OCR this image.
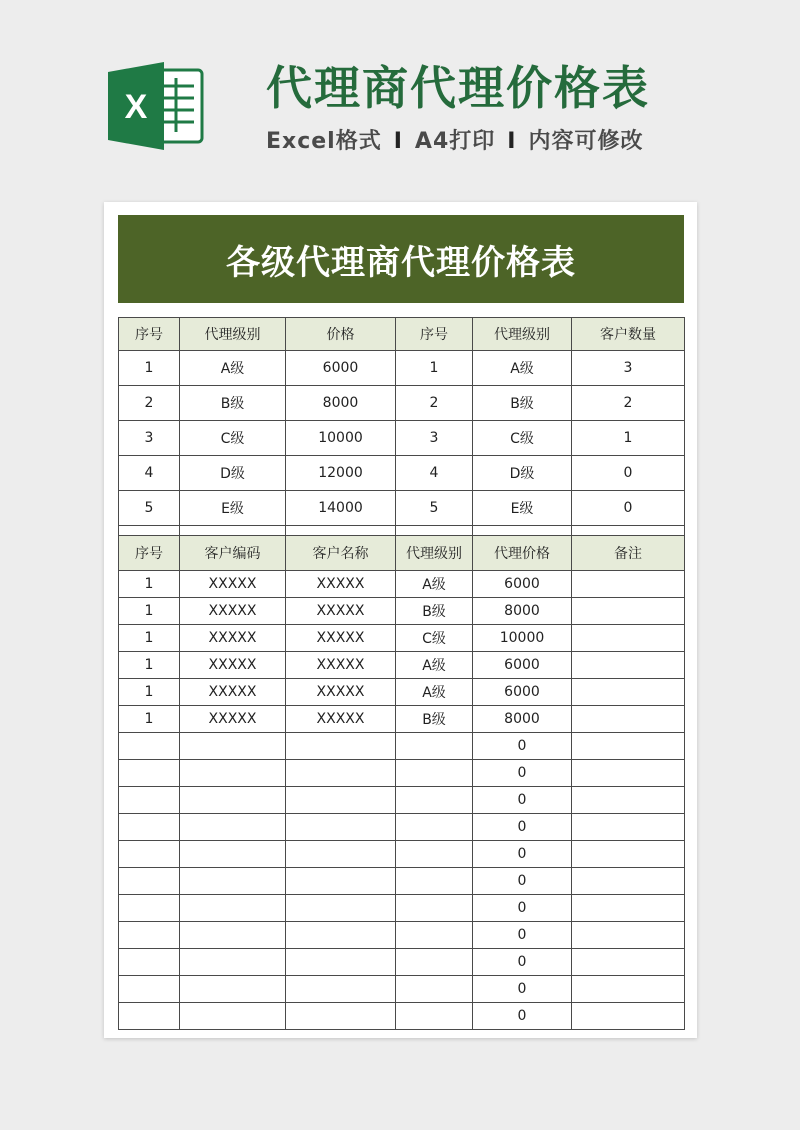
X	代理商代理价格表
Excel格式 I A4打印 I 内容可修改
各级代理商代理价格表
序号	代理级别	价格	序号	代理级别	客户数量
1	A级	6000	1	A级	3
2	B级	8000	2	B级	2
3	C级	10000	3	C级	1
4	D级	12000	4	D级	0
5	E级	14000	5	E级	0

序号	客户编码	客户名称	代理级别	代理价格	备注
1	XXXXX	XXXXX	A级	6000	
1	XXXXX	XXXXX	B级	8000	
1	XXXXX	XXXXX	C级	10000	
1	XXXXX	XXXXX	A级	6000	
1	XXXXX	XXXXX	A级	6000	
1	XXXXX	XXXXX	B级	8000	
				0	
				0	
				0	
				0	
				0	
				0	
				0	
				0	
				0	
				0	
				0	
